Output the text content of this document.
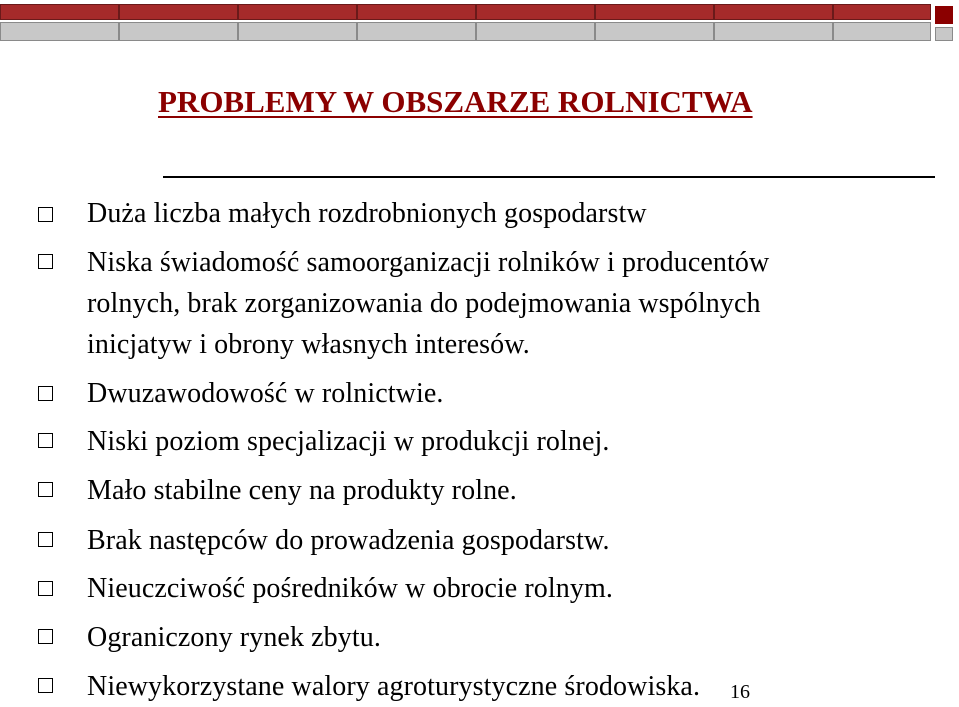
PROBLEMY W OBSZARZE ROLNICTWA
Duża liczba małych rozdrobnionych gospodarstw
Niska świadomość samoorganizacji rolników i producentów
rolnych, brak zorganizowania do podejmowania wspólnych
inicjatyw i obrony własnych interesów.
Dwuzawodowość w rolnictwie.
Niski poziom specjalizacji w produkcji rolnej.
Mało stabilne ceny na produkty rolne.
Brak następców do prowadzenia gospodarstw.
Nieuczciwość pośredników w obrocie rolnym.
Ograniczony rynek zbytu.
Niewykorzystane walory agroturystyczne środowiska. 16
